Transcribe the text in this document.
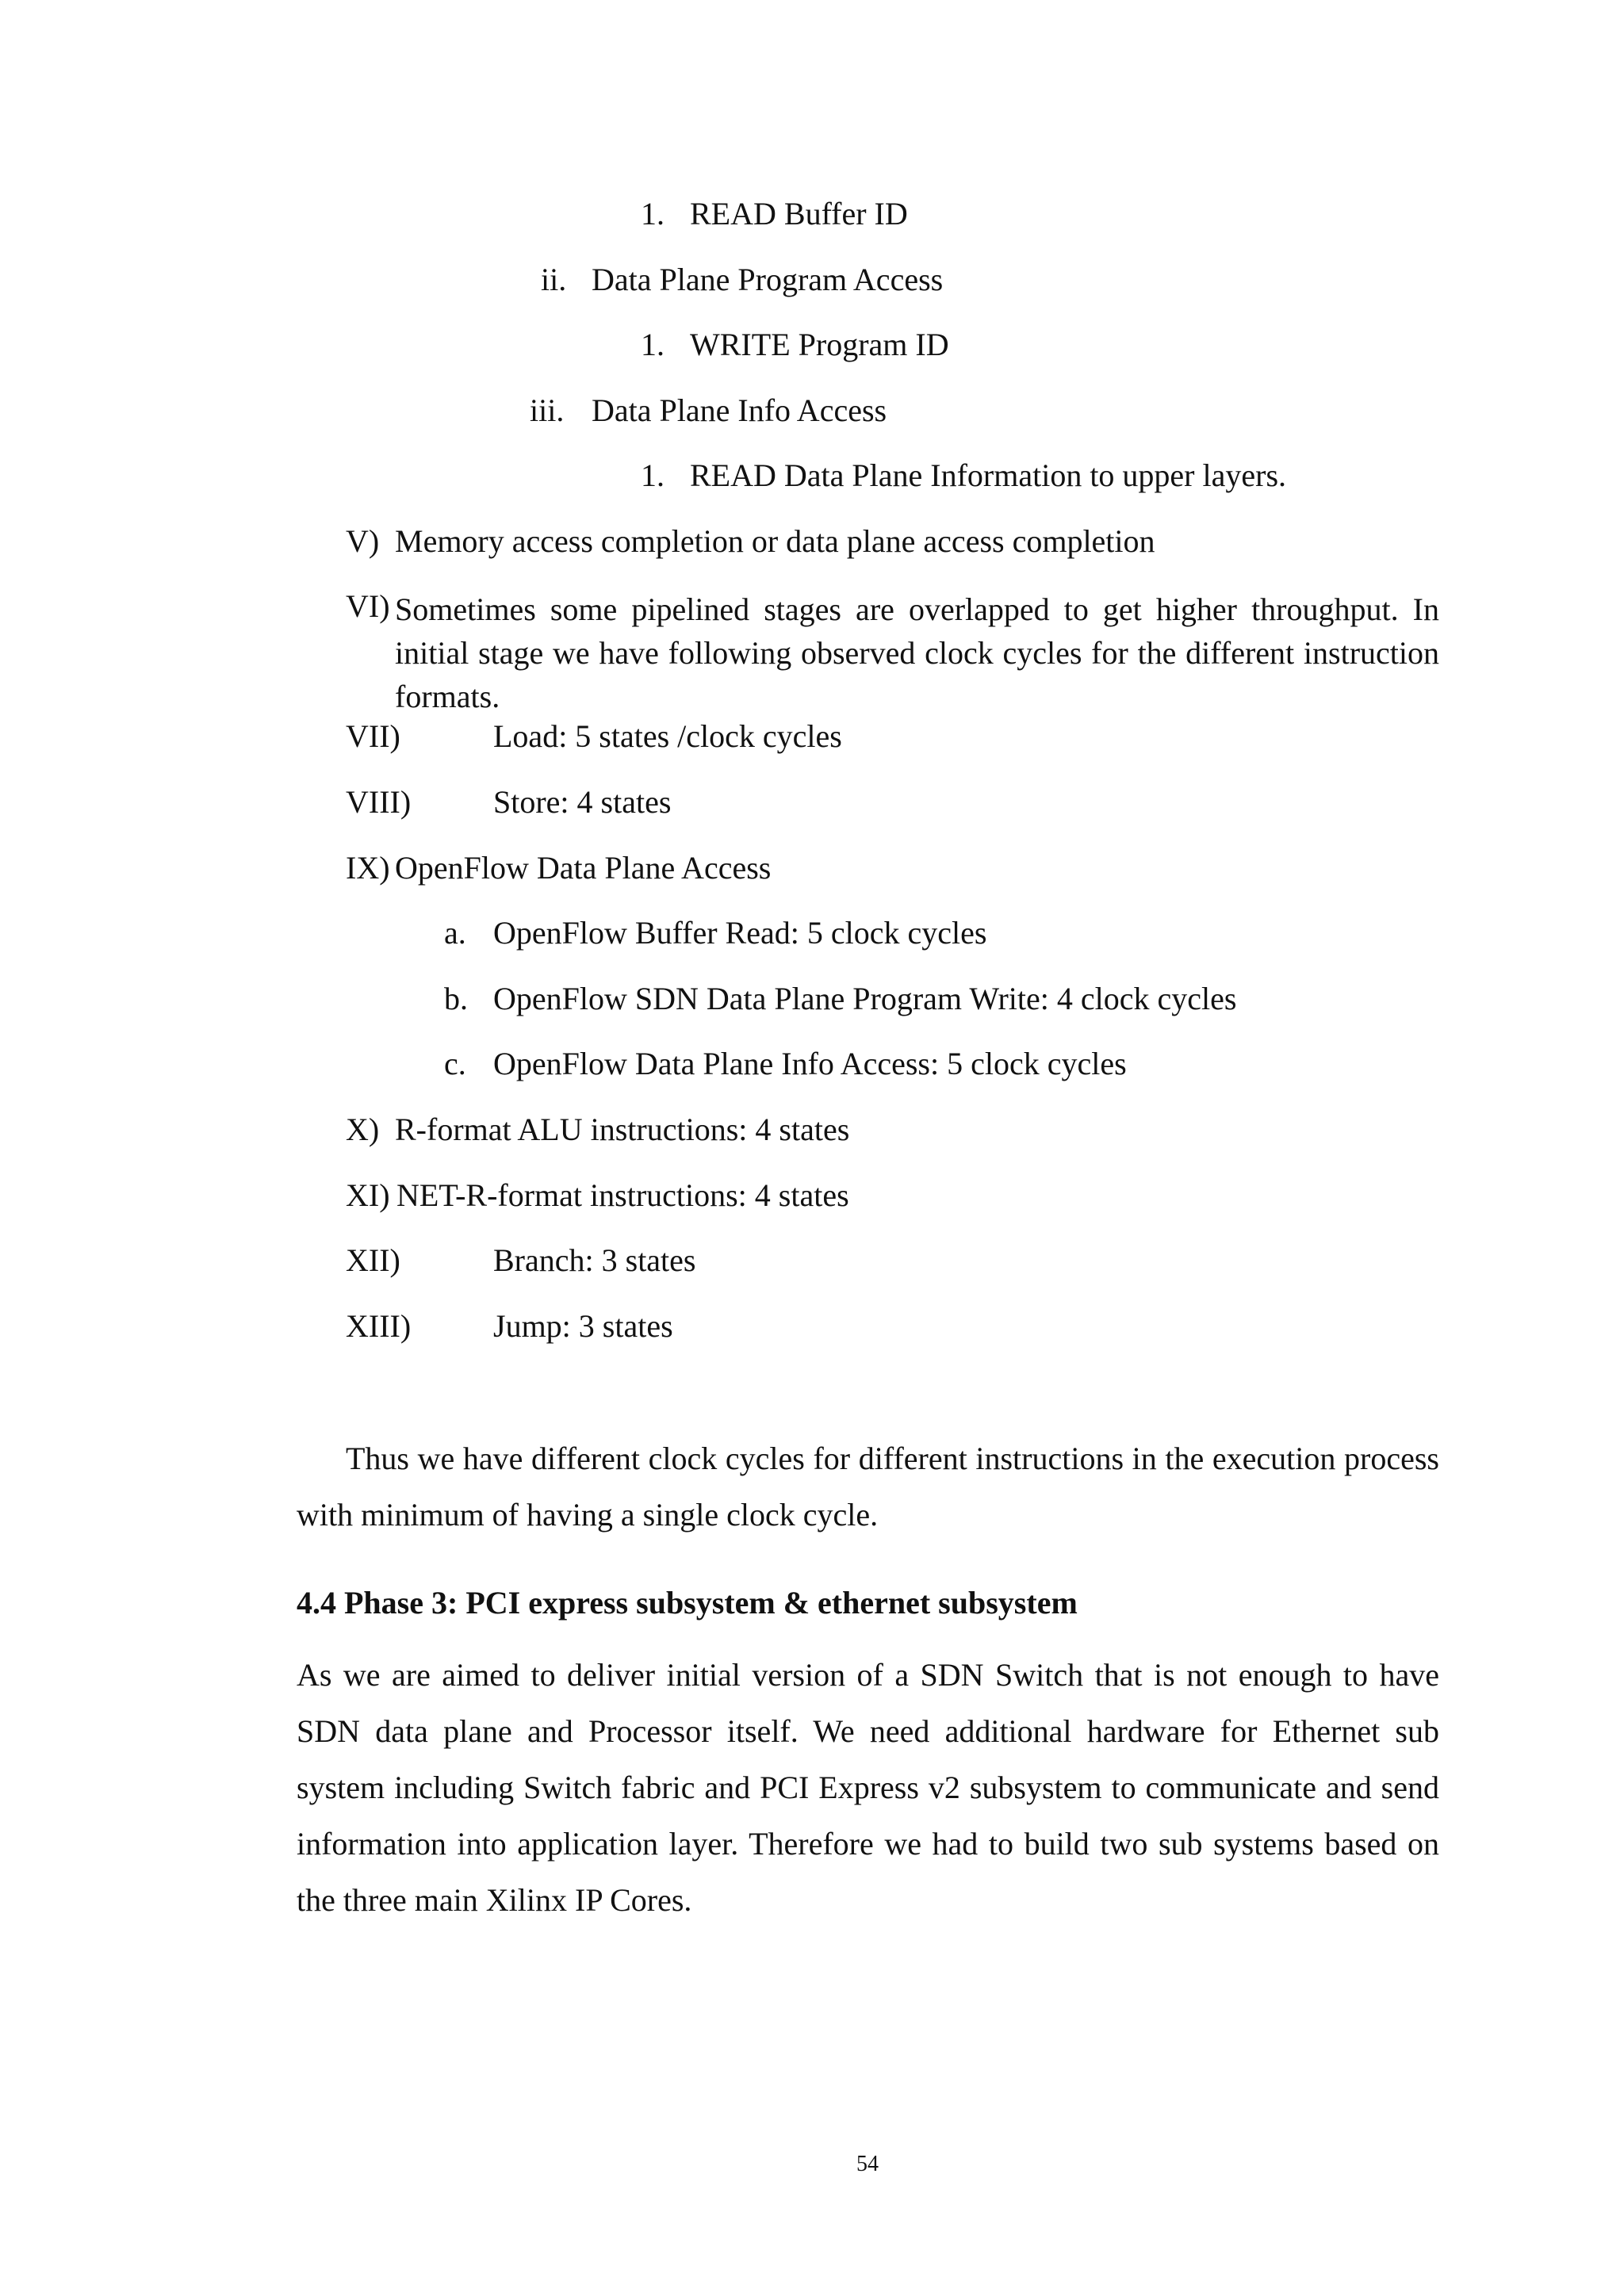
1. READ Buffer ID
ii. Data Plane Program Access
1. WRITE Program ID
iii. Data Plane Info Access
1. READ Data Plane Information to upper layers.
V) Memory access completion or data plane access completion
VI) Sometimes some pipelined stages are overlapped to get higher throughput. In initial stage we have following observed clock cycles for the different instruction formats.
VII)	Load: 5 states /clock cycles
VIII)	Store: 4 states
IX) OpenFlow Data Plane Access
a. OpenFlow Buffer Read: 5 clock cycles
b. OpenFlow SDN Data Plane Program Write: 4 clock cycles
c. OpenFlow Data Plane Info Access: 5 clock cycles
X) R-format ALU instructions: 4 states
XI) NET-R-format instructions: 4 states
XII)	Branch: 3 states
XIII)	Jump: 3 states
Thus we have different clock cycles for different instructions in the execution process with minimum of having a single clock cycle.
4.4 Phase 3: PCI express subsystem & ethernet subsystem
As we are aimed to deliver initial version of a SDN Switch that is not enough to have SDN data plane and Processor itself. We need additional hardware for Ethernet sub system including Switch fabric and PCI Express v2 subsystem to communicate and send information into application layer. Therefore we had to build two sub systems based on the three main Xilinx IP Cores.
54
